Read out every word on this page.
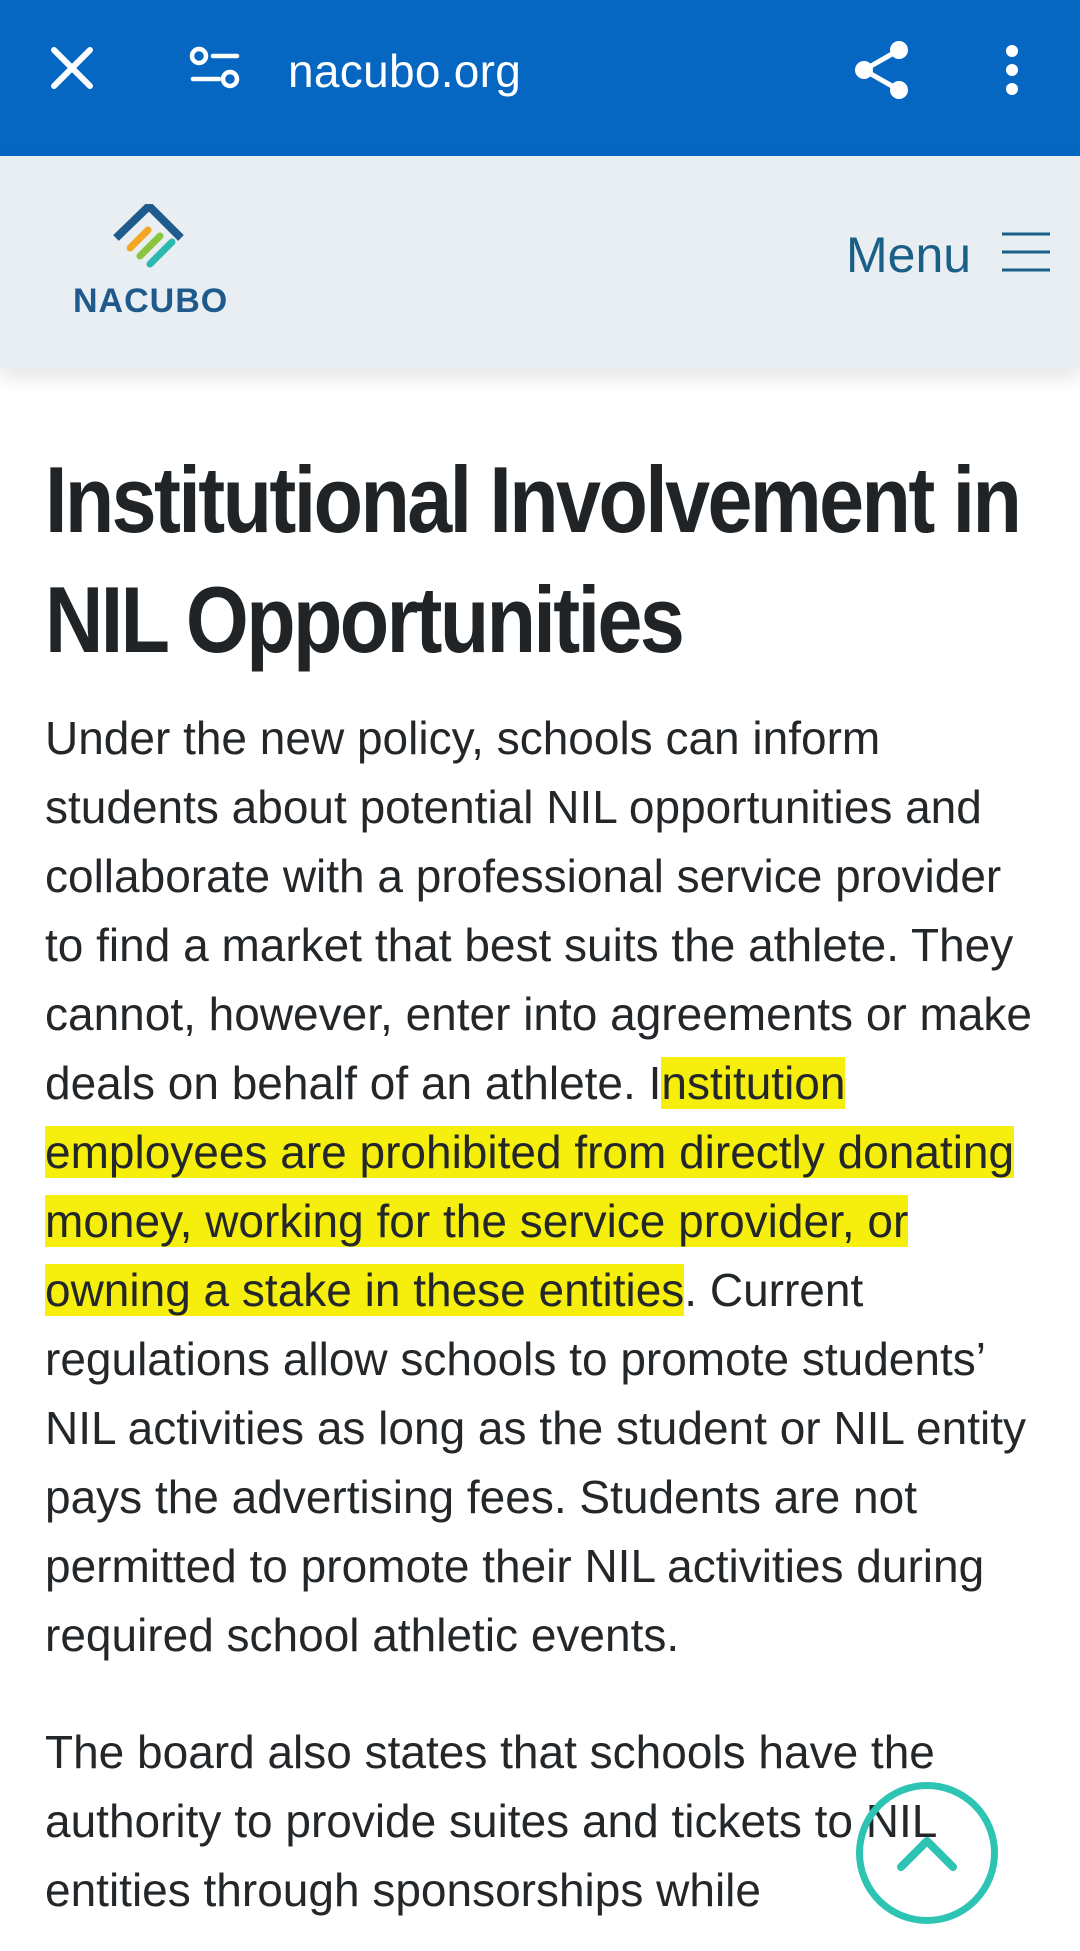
nacubo.org
NACUBO
Menu
Institutional Involvement in NIL Opportunities

Under the new policy, schools can inform students about potential NIL opportunities and collaborate with a professional service provider to find a market that best suits the athlete. They cannot, however, enter into agreements or make deals on behalf of an athlete. Institution employees are prohibited from directly donating money, working for the service provider, or owning a stake in these entities. Current regulations allow schools to promote students’ NIL activities as long as the student or NIL entity pays the advertising fees. Students are not permitted to promote their NIL activities during required school athletic events.

The board also states that schools have the authority to provide suites and tickets to NIL entities through sponsorships while
